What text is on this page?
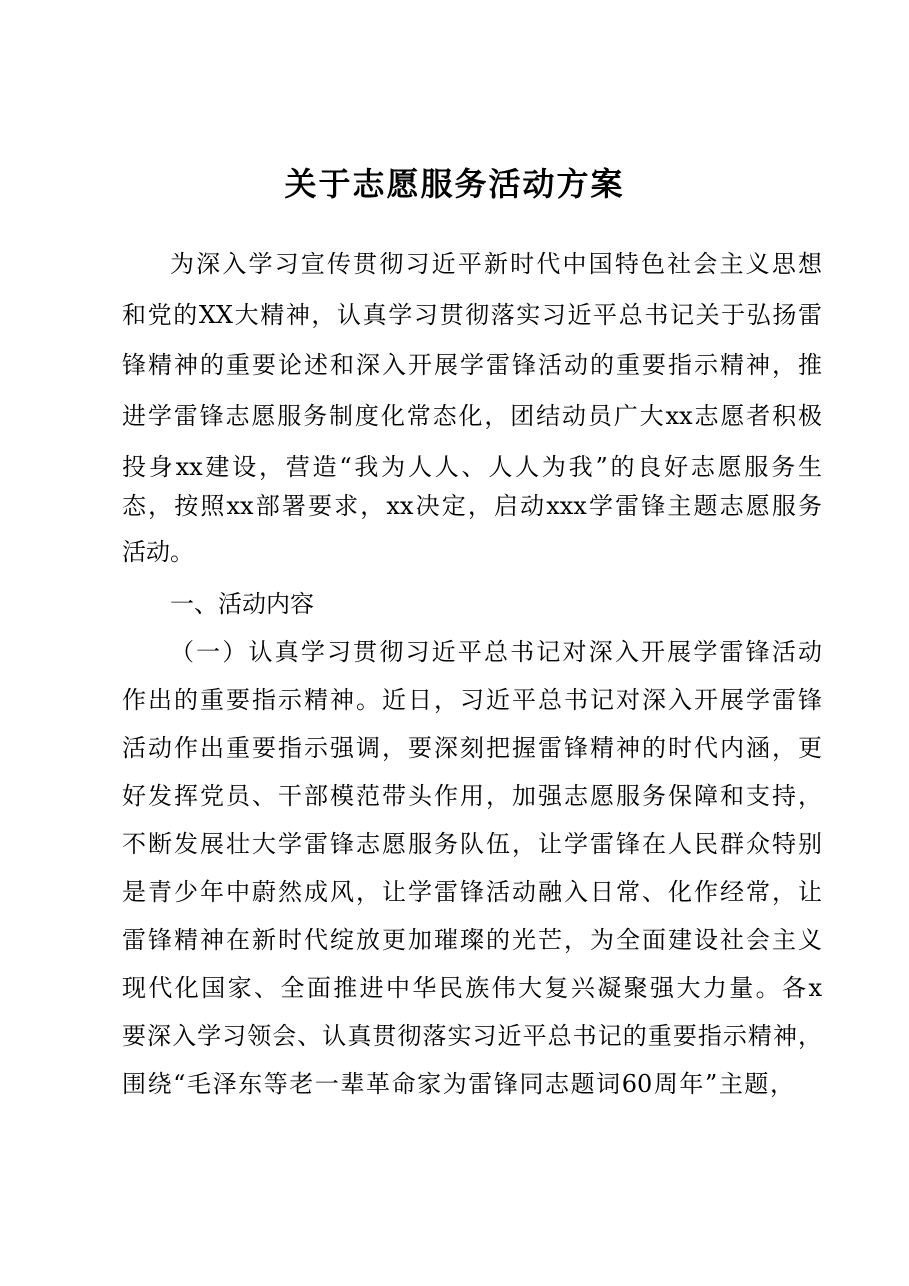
关于志愿服务活动方案
为深入学习宣传贯彻习近平新时代中国特色社会主义思想
和党的XX大精神，认真学习贯彻落实习近平总书记关于弘扬雷
锋精神的重要论述和深入开展学雷锋活动的重要指示精神，推
进学雷锋志愿服务制度化常态化，团结动员广大xx志愿者积极
投身xx建设，营造“我为人人、人人为我”的良好志愿服务生
态，按照xx部署要求，xx决定，启动xxx学雷锋主题志愿服务
活动。
一、活动内容
（一）认真学习贯彻习近平总书记对深入开展学雷锋活动
作出的重要指示精神。近日，习近平总书记对深入开展学雷锋
活动作出重要指示强调，要深刻把握雷锋精神的时代内涵，更
好发挥党员、干部模范带头作用，加强志愿服务保障和支持，
不断发展壮大学雷锋志愿服务队伍，让学雷锋在人民群众特别
是青少年中蔚然成风，让学雷锋活动融入日常、化作经常，让
雷锋精神在新时代绽放更加璀璨的光芒，为全面建设社会主义
现代化国家、全面推进中华民族伟大复兴凝聚强大力量。各x
要深入学习领会、认真贯彻落实习近平总书记的重要指示精神，
围绕“毛泽东等老一辈革命家为雷锋同志题词60周年”主题，
